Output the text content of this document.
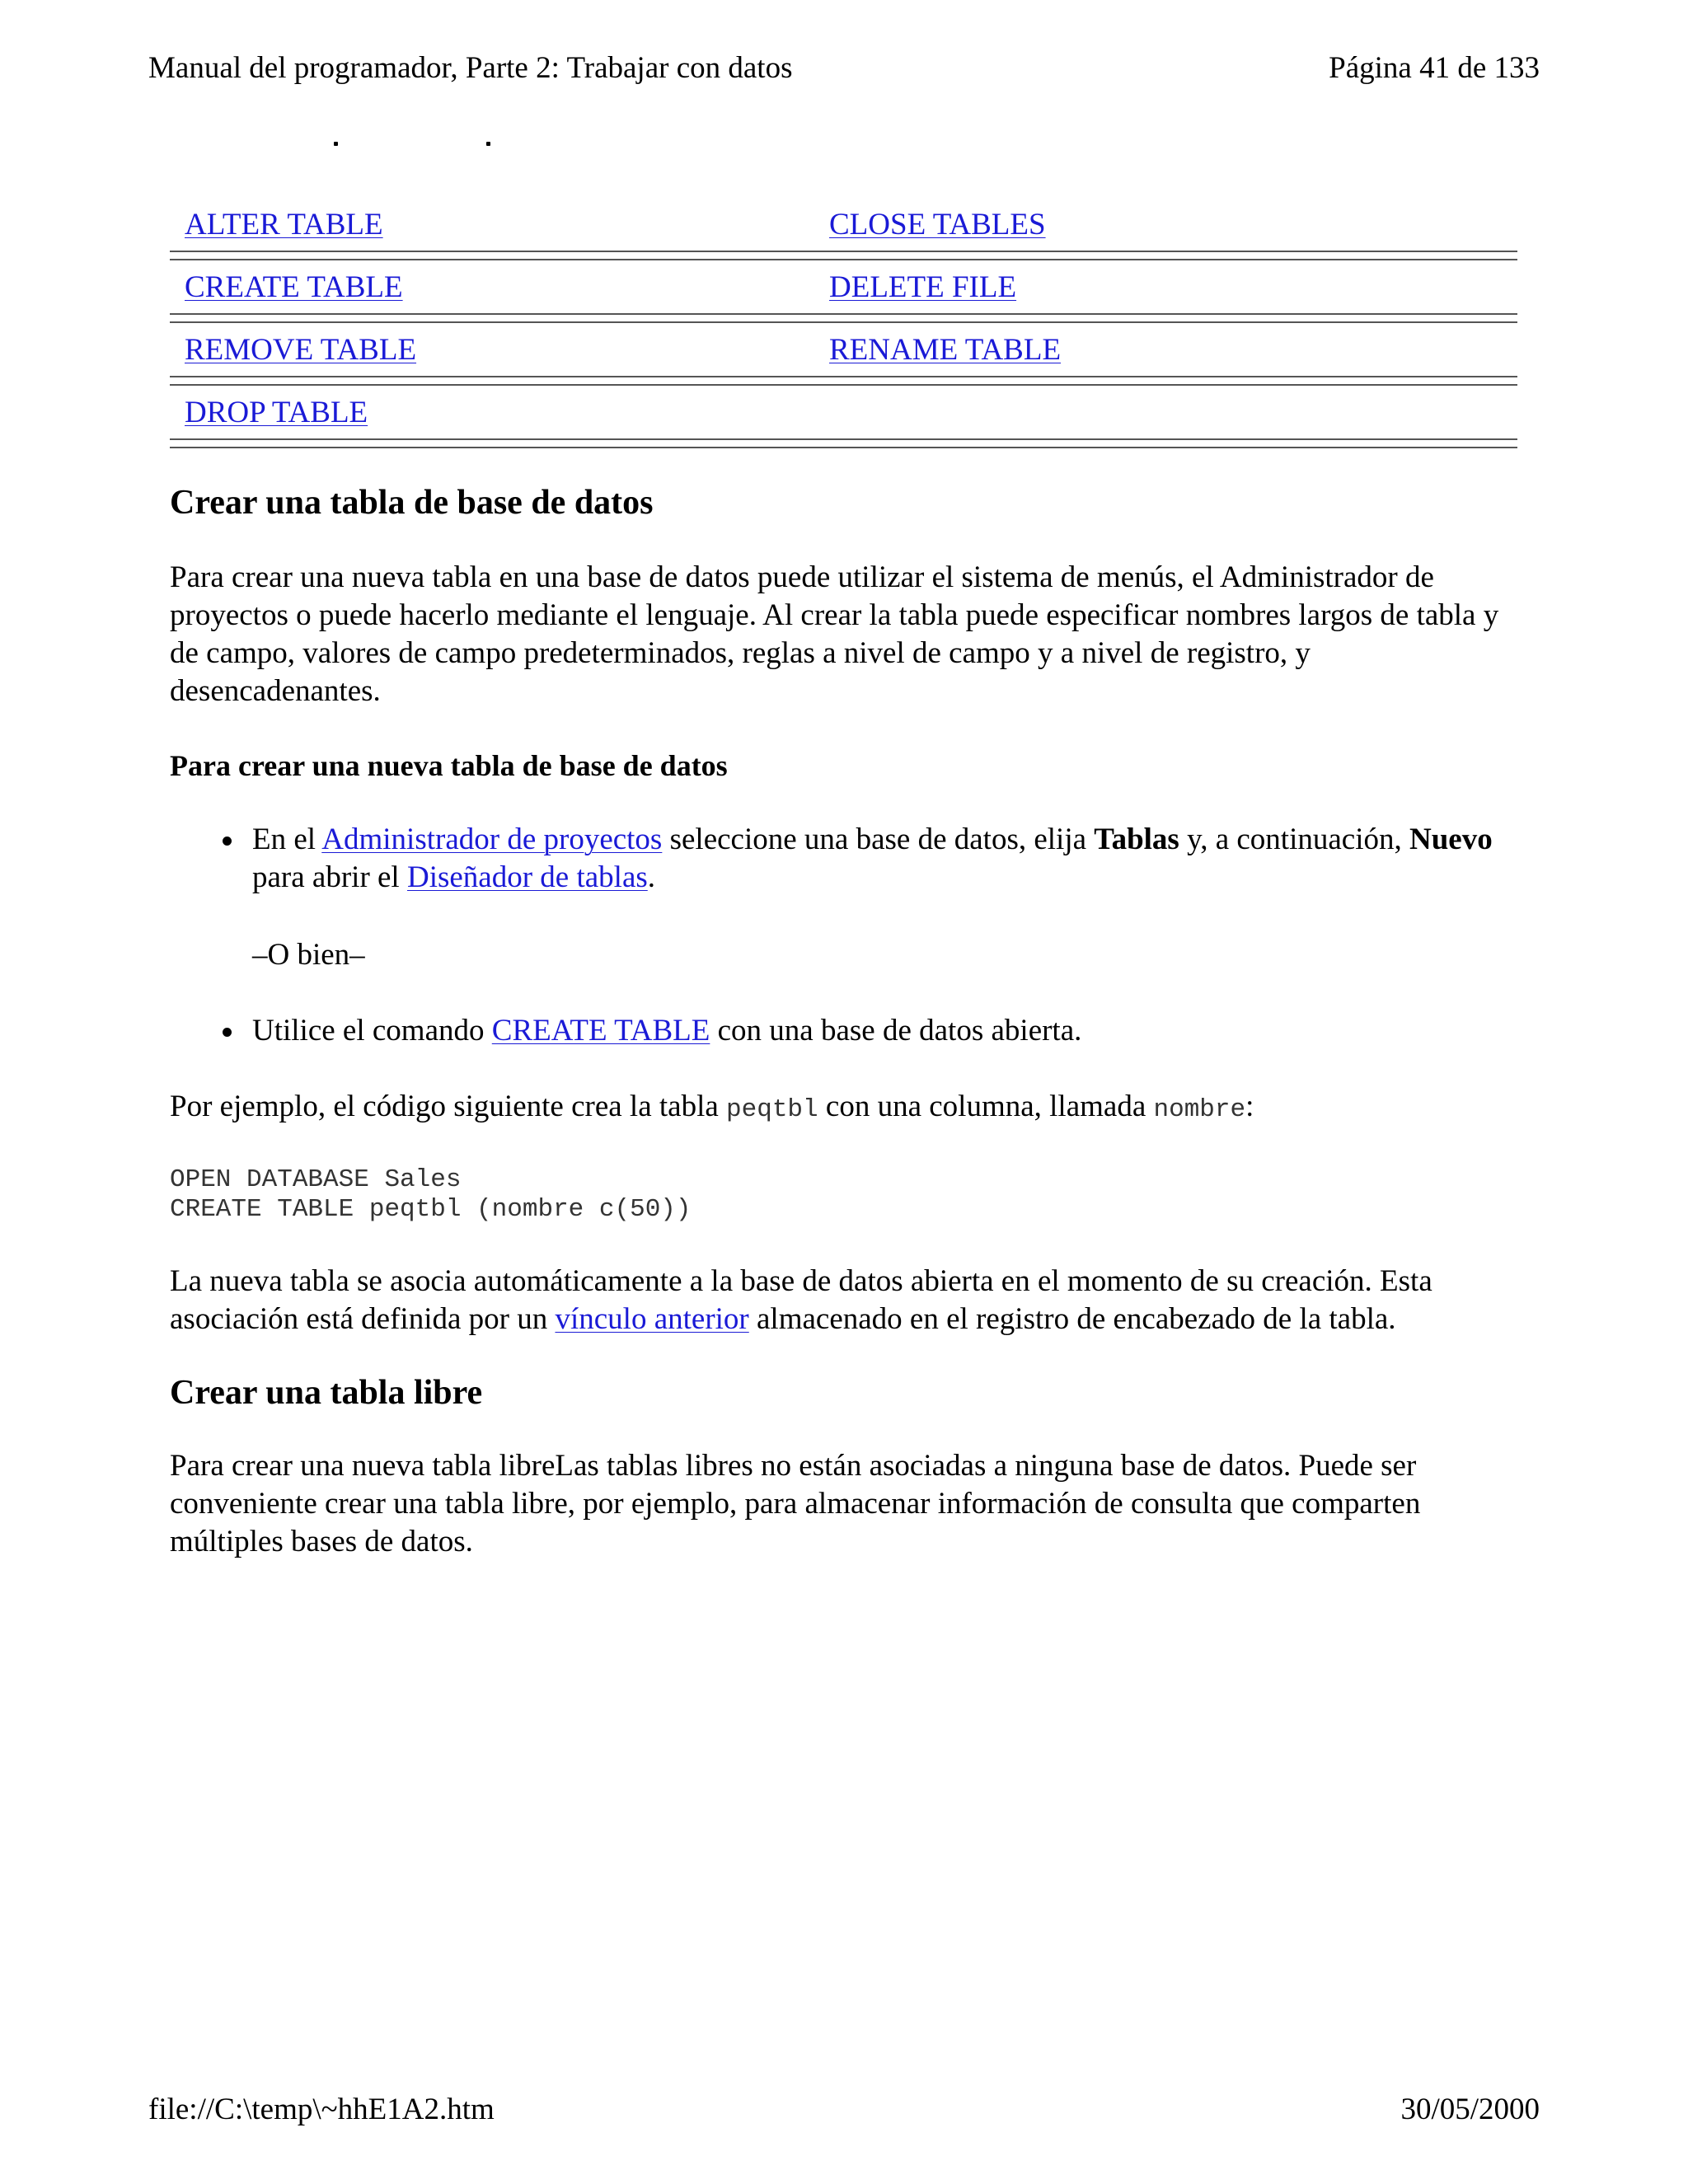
Manual del programador, Parte 2: Trabajar con datos	Página 41 de 133
ALTER TABLE	CLOSE TABLES

CREATE TABLE	DELETE FILE

REMOVE TABLE	RENAME TABLE

DROP TABLE	

Crear una tabla de base de datos

Para crear una nueva tabla en una base de datos puede utilizar el sistema de menús, el Administrador de proyectos o puede hacerlo mediante el lenguaje. Al crear la tabla puede especificar nombres largos de tabla y de campo, valores de campo predeterminados, reglas a nivel de campo y a nivel de registro, y desencadenantes.

Para crear una nueva tabla de base de datos
En el Administrador de proyectos seleccione una base de datos, elija Tablas y, a continuación, Nuevo para abrir el Diseñador de tablas.

–O bien–

Utilice el comando CREATE TABLE con una base de datos abierta.

Por ejemplo, el código siguiente crea la tabla peqtbl con una columna, llamada nombre:

OPEN DATABASE Sales
CREATE TABLE peqtbl (nombre c(50))

La nueva tabla se asocia automáticamente a la base de datos abierta en el momento de su creación. Esta asociación está definida por un vínculo anterior almacenado en el registro de encabezado de la tabla.

Crear una tabla libre

Para crear una nueva tabla libreLas tablas libres no están asociadas a ninguna base de datos. Puede ser conveniente crear una tabla libre, por ejemplo, para almacenar información de consulta que comparten múltiples bases de datos.

file://C:\temp\~hhE1A2.htm	30/05/2000
